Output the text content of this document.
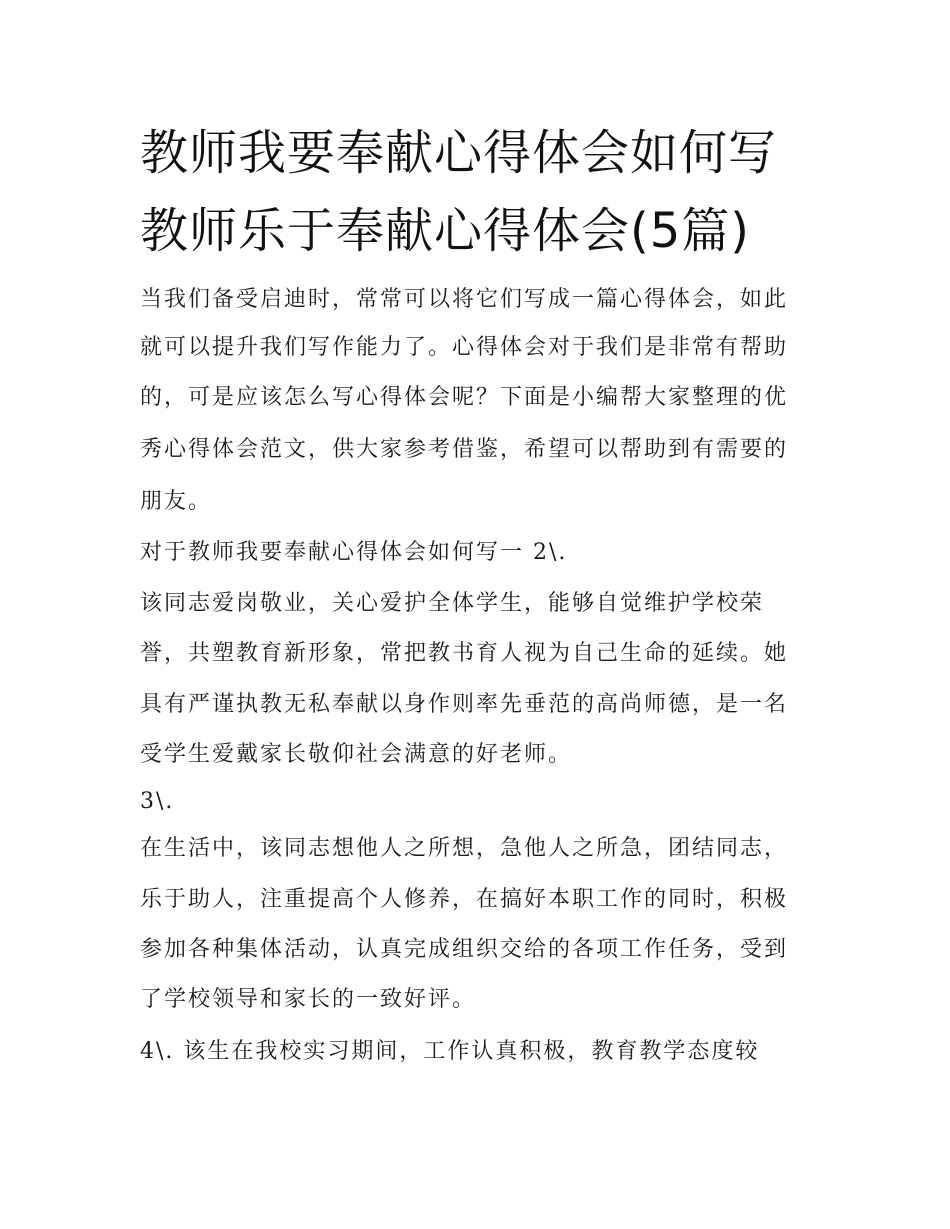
教师我要奉献心得体会如何写
教师乐于奉献心得体会(5篇)
当我们备受启迪时，常常可以将它们写成一篇心得体会，如此
就可以提升我们写作能力了。心得体会对于我们是非常有帮助
的，可是应该怎么写心得体会呢？下面是小编帮大家整理的优
秀心得体会范文，供大家参考借鉴，希望可以帮助到有需要的
朋友。
对于教师我要奉献心得体会如何写一 2\.
该同志爱岗敬业，关心爱护全体学生，能够自觉维护学校荣
誉，共塑教育新形象，常把教书育人视为自己生命的延续。她
具有严谨执教无私奉献以身作则率先垂范的高尚师德，是一名
受学生爱戴家长敬仰社会满意的好老师。
3\.
在生活中，该同志想他人之所想，急他人之所急，团结同志，
乐于助人，注重提高个人修养，在搞好本职工作的同时，积极
参加各种集体活动，认真完成组织交给的各项工作任务，受到
了学校领导和家长的一致好评。
4\. 该生在我校实习期间，工作认真积极，教育教学态度较
